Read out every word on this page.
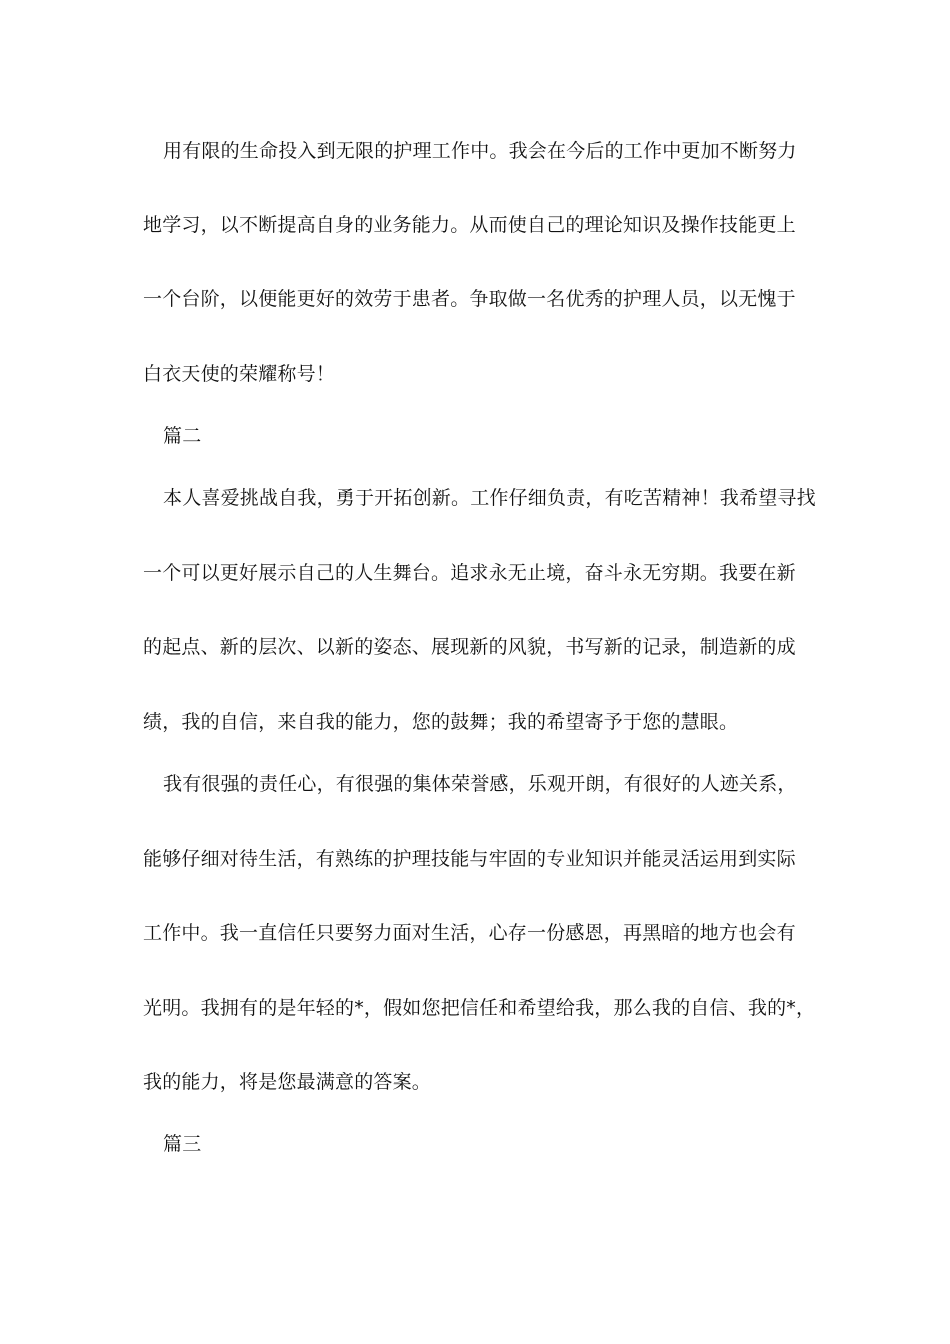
用有限的生命投入到无限的护理工作中。我会在今后的工作中更加不断努力
地学习，以不断提高自身的业务能力。从而使自己的理论知识及操作技能更上
一个台阶，以便能更好的效劳于患者。争取做一名优秀的护理人员，以无愧于
白衣天使的荣耀称号！
篇二
本人喜爱挑战自我，勇于开拓创新。工作仔细负责，有吃苦精神！我希望寻找
一个可以更好展示自己的人生舞台。追求永无止境，奋斗永无穷期。我要在新
的起点、新的层次、以新的姿态、展现新的风貌，书写新的记录，制造新的成
绩，我的自信，来自我的能力，您的鼓舞；我的希望寄予于您的慧眼。
我有很强的责任心，有很强的集体荣誉感，乐观开朗，有很好的人迹关系，
能够仔细对待生活，有熟练的护理技能与牢固的专业知识并能灵活运用到实际
工作中。我一直信任只要努力面对生活，心存一份感恩，再黑暗的地方也会有
光明。我拥有的是年轻的*，假如您把信任和希望给我，那么我的自信、我的*，
我的能力，将是您最满意的答案。
篇三
